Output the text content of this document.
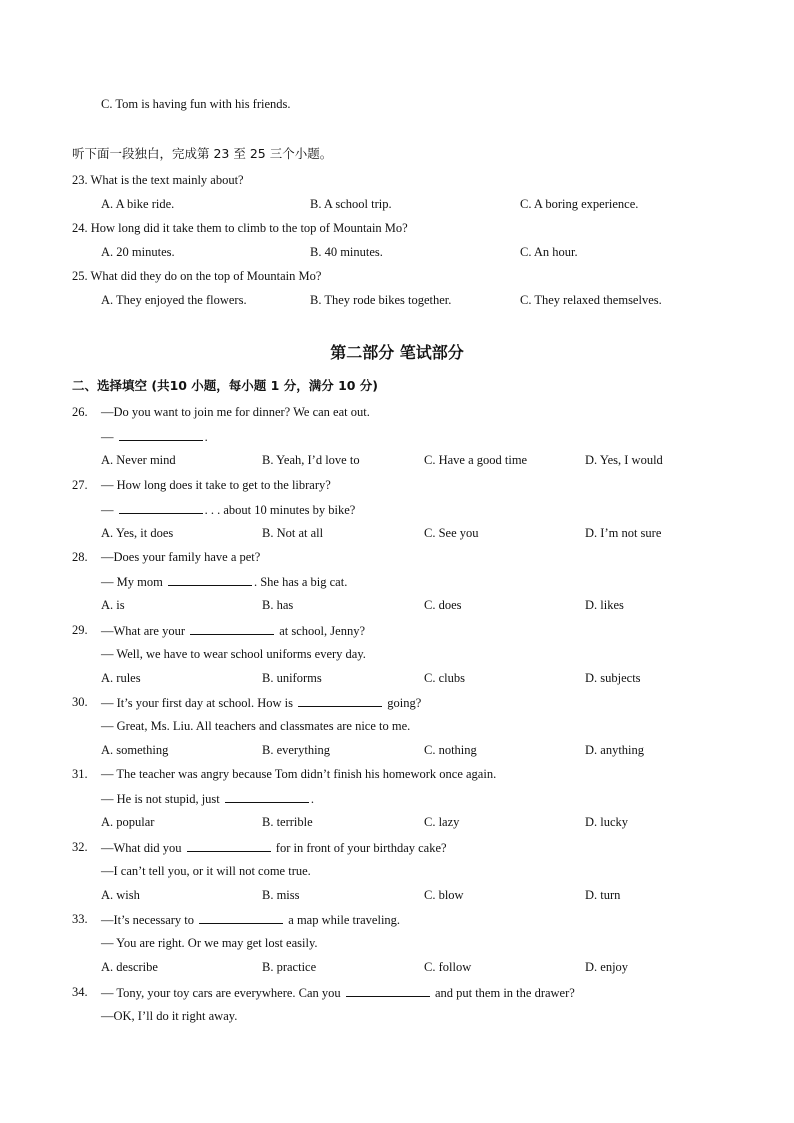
C. Tom is having fun with his friends.
听下面一段独白，完成第 23 至 25 三个小题。
23. What is the text mainly about?
A. A bike ride.	B. A school trip.	C. A boring experience.
24. How long did it take them to climb to the top of Mountain Mo?
A. 20 minutes.	B. 40 minutes.	C. An hour.
25. What did they do on the top of Mountain Mo?
A. They enjoyed the flowers.	B. They rode bikes together.	C. They relaxed themselves.
第二部分 笔试部分
二、选择填空 (共10 小题，每小题 1 分，满分 10 分)
26. —Do you want to join me for dinner? We can eat out.
—	.
A. Never mind	B. Yeah, I’d love to	C. Have a good time	D. Yes, I would
27. — How long does it take to get to the library?
—	. . . about 10 minutes by bike?
A. Yes, it does	B. Not at all	C. See you	D. I’m not sure
28. —Does your family have a pet?
— My mom	. She has a big cat.
A. is	B. has	C. does	D. likes
29. —What are your	at school, Jenny?
— Well, we have to wear school uniforms every day.
A. rules	B. uniforms	C. clubs	D. subjects
30. — It’s your first day at school. How is	going?
— Great, Ms. Liu. All teachers and classmates are nice to me.
A. something	B. everything	C. nothing	D. anything
31. — The teacher was angry because Tom didn’t finish his homework once again.
— He is not stupid, just	.
A. popular	B. terrible	C. lazy	D. lucky
32. —What did you	for in front of your birthday cake?
—I can’t tell you, or it will not come true.
A. wish	B. miss	C. blow	D. turn
33. —It’s necessary to	a map while traveling.
— You are right. Or we may get lost easily.
A. describe	B. practice	C. follow	D. enjoy
34. — Tony, your toy cars are everywhere. Can you	and put them in the drawer?
—OK, I’ll do it right away.
